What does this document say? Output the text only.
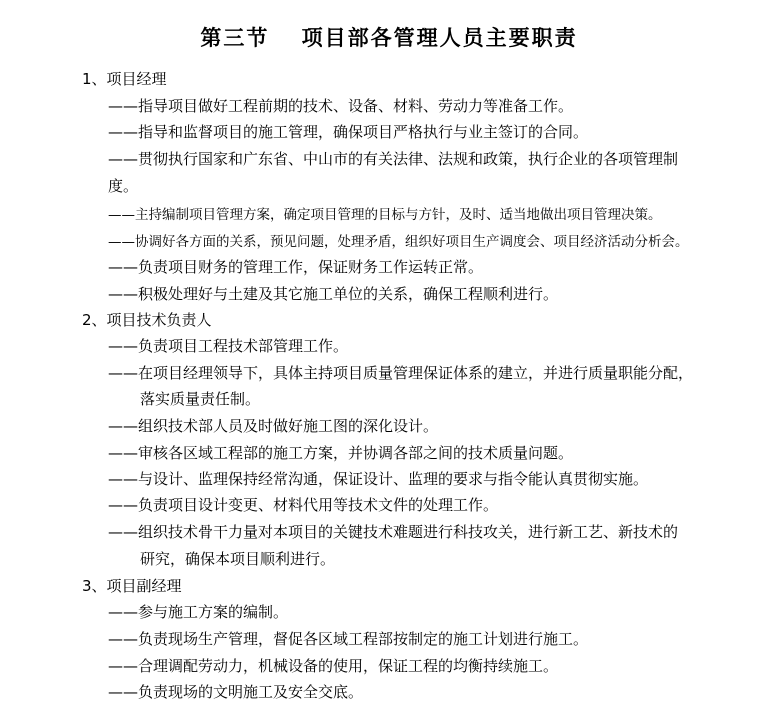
第三节　 项目部各管理人员主要职责
1、项目经理
——指导项目做好工程前期的技术、设备、材料、劳动力等准备工作。
——指导和监督项目的施工管理，确保项目严格执行与业主签订的合同。
——贯彻执行国家和广东省、中山市的有关法律、法规和政策，执行企业的各项管理制
度。
——主持编制项目管理方案，确定项目管理的目标与方针，及时、适当地做出项目管理决策。
——协调好各方面的关系，预见问题，处理矛盾，组织好项目生产调度会、项目经济活动分析会。
——负责项目财务的管理工作，保证财务工作运转正常。
——积极处理好与土建及其它施工单位的关系，确保工程顺利进行。
2、项目技术负责人
——负责项目工程技术部管理工作。
——在项目经理领导下，具体主持项目质量管理保证体系的建立，并进行质量职能分配，
落实质量责任制。
——组织技术部人员及时做好施工图的深化设计。
——审核各区域工程部的施工方案，并协调各部之间的技术质量问题。
——与设计、监理保持经常沟通，保证设计、监理的要求与指令能认真贯彻实施。
——负责项目设计变更、材料代用等技术文件的处理工作。
——组织技术骨干力量对本项目的关键技术难题进行科技攻关，进行新工艺、新技术的
研究，确保本项目顺利进行。
3、项目副经理
——参与施工方案的编制。
——负责现场生产管理，督促各区域工程部按制定的施工计划进行施工。
——合理调配劳动力，机械设备的使用，保证工程的均衡持续施工。
——负责现场的文明施工及安全交底。
